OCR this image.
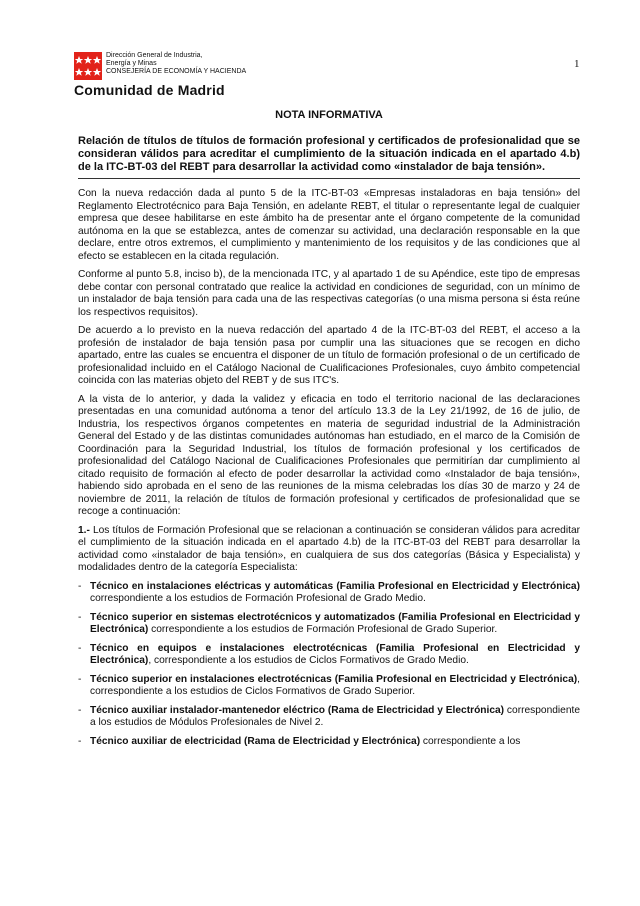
Dirección General de Industria,
Energía y Minas
CONSEJERÍA DE ECONOMÍA Y HACIENDA
Comunidad de Madrid
1
NOTA INFORMATIVA
Relación de títulos de títulos de formación profesional y certificados de profesionalidad que se consideran válidos para acreditar el cumplimiento de la situación indicada en el apartado 4.b) de la ITC-BT-03 del REBT para desarrollar la actividad como «instalador de baja tensión».

Con la nueva redacción dada al punto 5 de la ITC-BT-03 «Empresas instaladoras en baja tensión» del Reglamento Electrotécnico para Baja Tensión, en adelante REBT, el titular o representante legal de cualquier empresa que desee habilitarse en este ámbito ha de presentar ante el órgano competente de la comunidad autónoma en la que se establezca, antes de comenzar su actividad, una declaración responsable en la que declare, entre otros extremos, el cumplimiento y mantenimiento de los requisitos y de las condiciones que al efecto se establecen en la citada regulación.

Conforme al punto 5.8, inciso b), de la mencionada ITC, y al apartado 1 de su Apéndice, este tipo de empresas debe contar con personal contratado que realice la actividad en condiciones de seguridad, con un mínimo de un instalador de baja tensión para cada una de las respectivas categorías (o una misma persona si ésta reúne los respectivos requisitos).

De acuerdo a lo previsto en la nueva redacción del apartado 4 de la ITC-BT-03 del REBT, el acceso a la profesión de instalador de baja tensión pasa por cumplir una las situaciones que se recogen en dicho apartado, entre las cuales se encuentra el disponer de un título de formación profesional o de un certificado de profesionalidad incluido en el Catálogo Nacional de Cualificaciones Profesionales, cuyo ámbito competencial coincida con las materias objeto del REBT y de sus ITC's.

A la vista de lo anterior, y dada la validez y eficacia en todo el territorio nacional de las declaraciones presentadas en una comunidad autónoma a tenor del artículo 13.3 de la Ley 21/1992, de 16 de julio, de Industria, los respectivos órganos competentes en materia de seguridad industrial de la Administración General del Estado y de las distintas comunidades autónomas han estudiado, en el marco de la Comisión de Coordinación para la Seguridad Industrial, los títulos de formación profesional y los certificados de profesionalidad del Catálogo Nacional de Cualificaciones Profesionales que permitirían dar cumplimiento al citado requisito de formación al efecto de poder desarrollar la actividad como «Instalador de baja tensión», habiendo sido aprobada en el seno de las reuniones de la misma celebradas los días 30 de marzo y 24 de noviembre de 2011, la relación de títulos de formación profesional y certificados de profesionalidad que se recoge a continuación:

1.- Los títulos de Formación Profesional que se relacionan a continuación se consideran válidos para acreditar el cumplimiento de la situación indicada en el apartado 4.b) de la ITC-BT-03 del REBT para desarrollar la actividad como «instalador de baja tensión», en cualquiera de sus dos categorías (Básica y Especialista) y modalidades dentro de la categoría Especialista:

- Técnico en instalaciones eléctricas y automáticas (Familia Profesional en Electricidad y Electrónica) correspondiente a los estudios de Formación Profesional de Grado Medio.
- Técnico superior en sistemas electrotécnicos y automatizados (Familia Profesional en Electricidad y Electrónica) correspondiente a los estudios de Formación Profesional de Grado Superior.
- Técnico en equipos e instalaciones electrotécnicas (Familia Profesional en Electricidad y Electrónica), correspondiente a los estudios de Ciclos Formativos de Grado Medio.
- Técnico superior en instalaciones electrotécnicas (Familia Profesional en Electricidad y Electrónica), correspondiente a los estudios de Ciclos Formativos de Grado Superior.
- Técnico auxiliar instalador-mantenedor eléctrico (Rama de Electricidad y Electrónica) correspondiente a los estudios de Módulos Profesionales de Nivel 2.
- Técnico auxiliar de electricidad (Rama de Electricidad y Electrónica) correspondiente a los
